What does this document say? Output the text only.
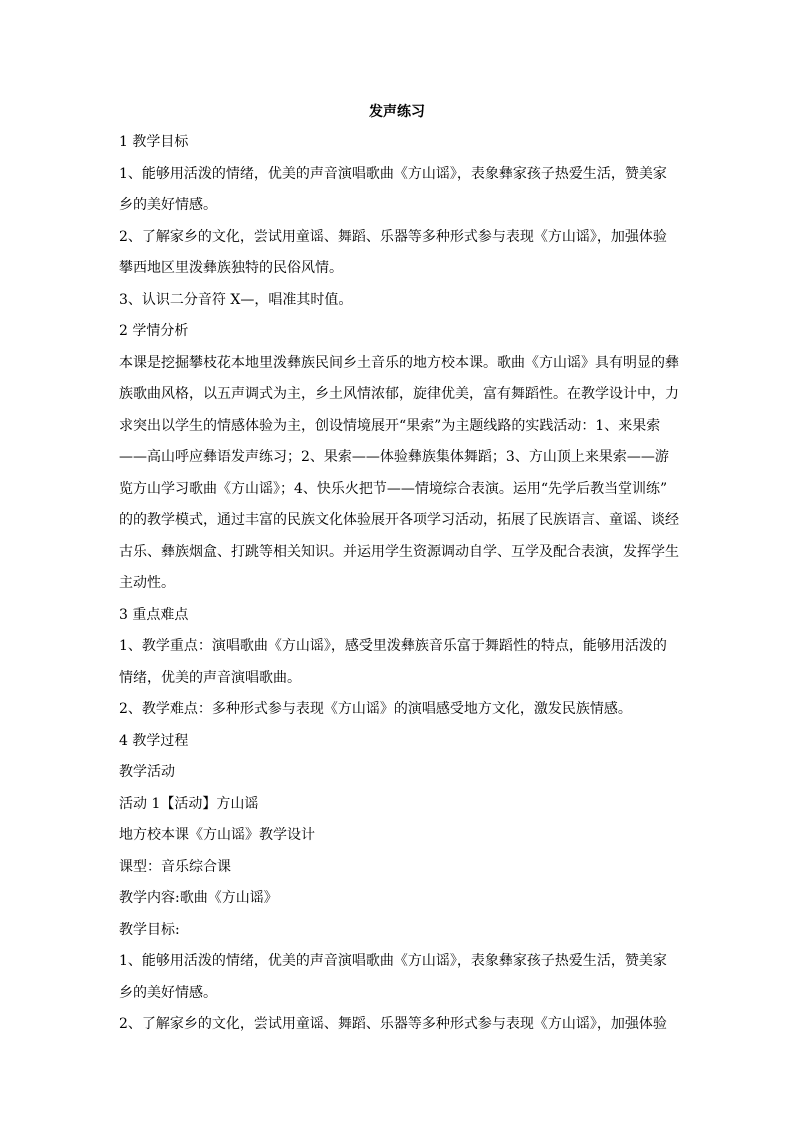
发声练习
1 教学目标
1、能够用活泼的情绪，优美的声音演唱歌曲《方山谣》，表象彝家孩子热爱生活，赞美家
乡的美好情感。
2、了解家乡的文化，尝试用童谣、舞蹈、乐器等多种形式参与表现《方山谣》，加强体验
攀西地区里泼彝族独特的民俗风情。
3、认识二分音符 X—，唱准其时值。
2 学情分析
本课是挖掘攀枝花本地里泼彝族民间乡土音乐的地方校本课。歌曲《方山谣》具有明显的彝
族歌曲风格，以五声调式为主，乡土风情浓郁，旋律优美，富有舞蹈性。在教学设计中，力
求突出以学生的情感体验为主，创设情境展开“果索”为主题线路的实践活动：1、来果索
——高山呼应彝语发声练习；2、果索——体验彝族集体舞蹈；3、方山顶上来果索——游
览方山学习歌曲《方山谣》；4、快乐火把节——情境综合表演。运用“先学后教当堂训练”
的的教学模式，通过丰富的民族文化体验展开各项学习活动，拓展了民族语言、童谣、谈经
古乐、彝族烟盒、打跳等相关知识。并运用学生资源调动自学、互学及配合表演，发挥学生
主动性。
3 重点难点
1、教学重点：演唱歌曲《方山谣》，感受里泼彝族音乐富于舞蹈性的特点，能够用活泼的
情绪，优美的声音演唱歌曲。
2、教学难点：多种形式参与表现《方山谣》的演唱感受地方文化，激发民族情感。
4 教学过程
教学活动
活动 1【活动】方山谣
地方校本课《方山谣》教学设计
课型：音乐综合课
教学内容:歌曲《方山谣》
教学目标:
1、能够用活泼的情绪，优美的声音演唱歌曲《方山谣》，表象彝家孩子热爱生活，赞美家
乡的美好情感。
2、了解家乡的文化，尝试用童谣、舞蹈、乐器等多种形式参与表现《方山谣》，加强体验
